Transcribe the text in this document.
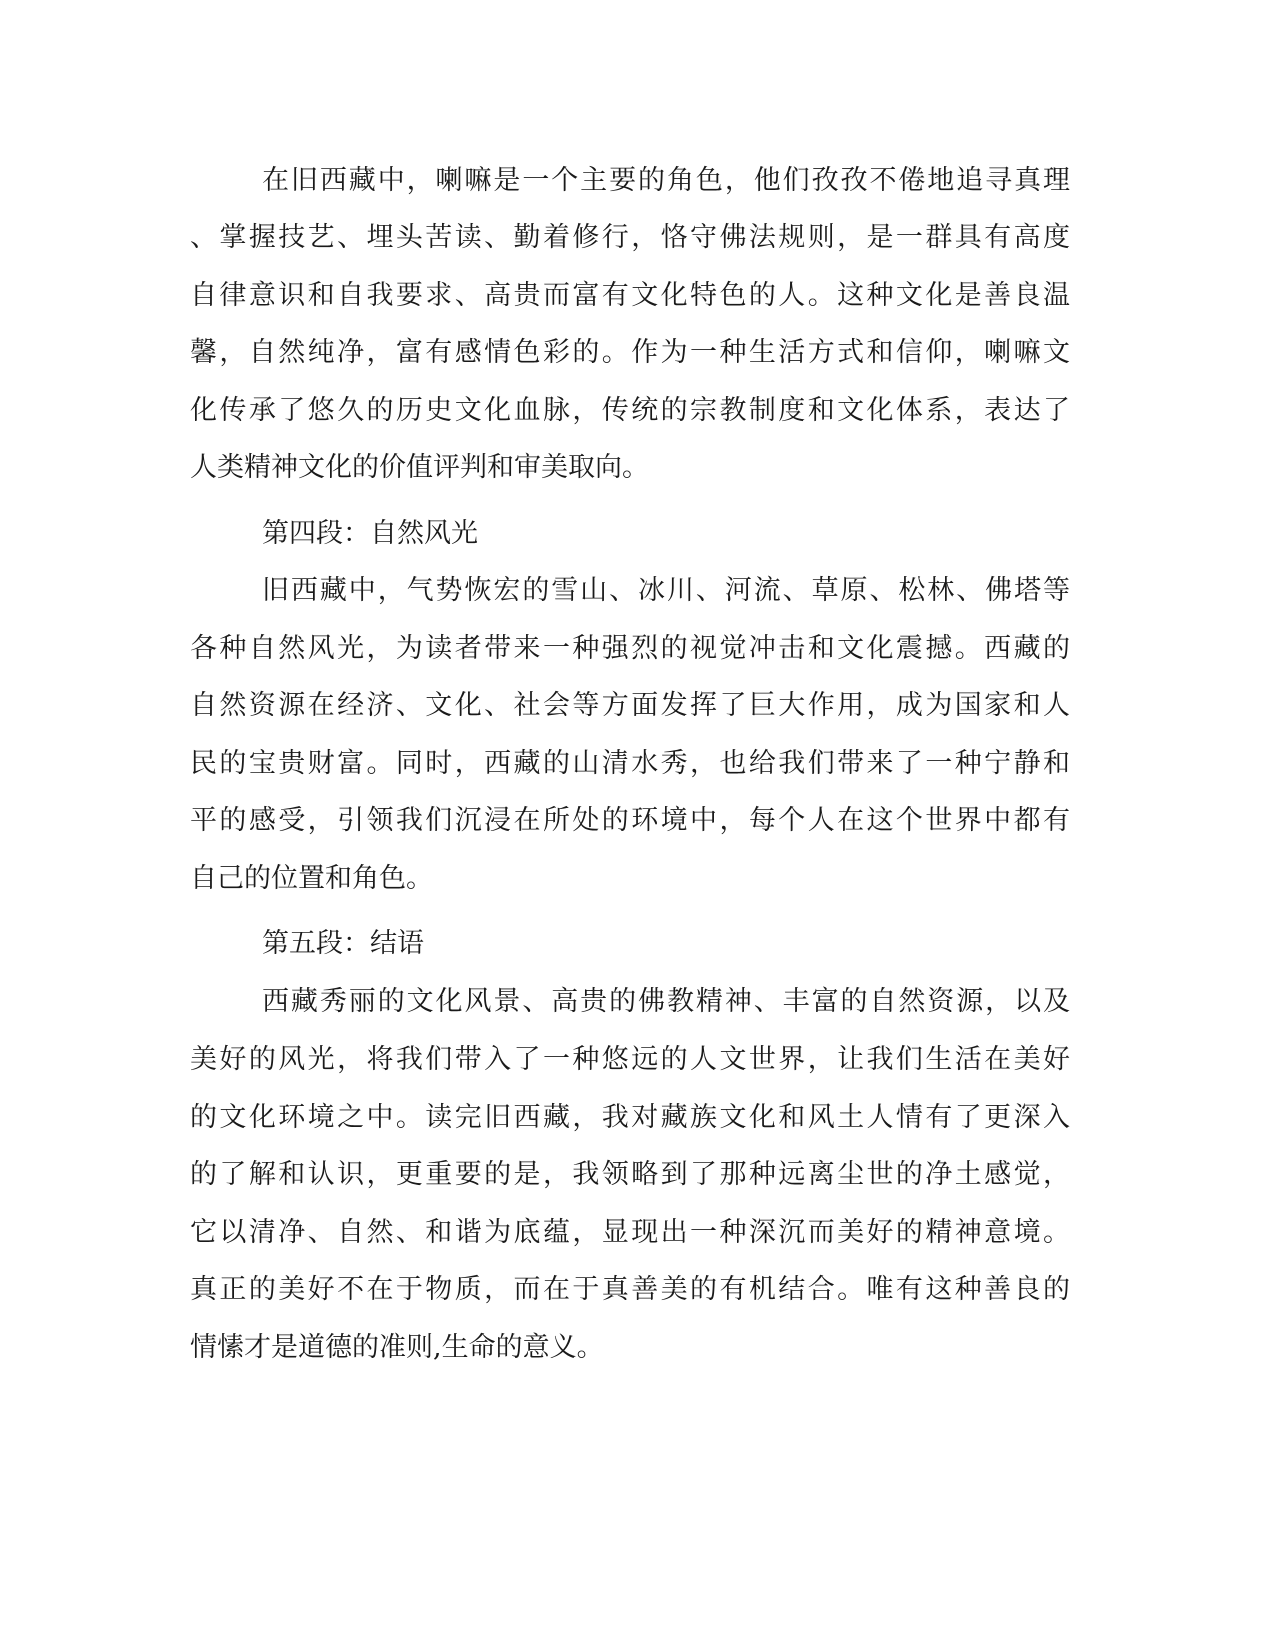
在旧西藏中，喇嘛是一个主要的角色，他们孜孜不倦地追寻真理
、掌握技艺、埋头苦读、勤着修行，恪守佛法规则，是一群具有高度
自律意识和自我要求、高贵而富有文化特色的人。这种文化是善良温
馨，自然纯净，富有感情色彩的。作为一种生活方式和信仰，喇嘛文
化传承了悠久的历史文化血脉，传统的宗教制度和文化体系，表达了
人类精神文化的价值评判和审美取向。
第四段：自然风光
旧西藏中，气势恢宏的雪山、冰川、河流、草原、松林、佛塔等
各种自然风光，为读者带来一种强烈的视觉冲击和文化震撼。西藏的
自然资源在经济、文化、社会等方面发挥了巨大作用，成为国家和人
民的宝贵财富。同时，西藏的山清水秀，也给我们带来了一种宁静和
平的感受，引领我们沉浸在所处的环境中，每个人在这个世界中都有
自己的位置和角色。
第五段：结语
西藏秀丽的文化风景、高贵的佛教精神、丰富的自然资源，以及
美好的风光，将我们带入了一种悠远的人文世界，让我们生活在美好
的文化环境之中。读完旧西藏，我对藏族文化和风土人情有了更深入
的了解和认识，更重要的是，我领略到了那种远离尘世的净土感觉，
它以清净、自然、和谐为底蕴，显现出一种深沉而美好的精神意境。
真正的美好不在于物质，而在于真善美的有机结合。唯有这种善良的
情愫才是道德的准则,生命的意义。
